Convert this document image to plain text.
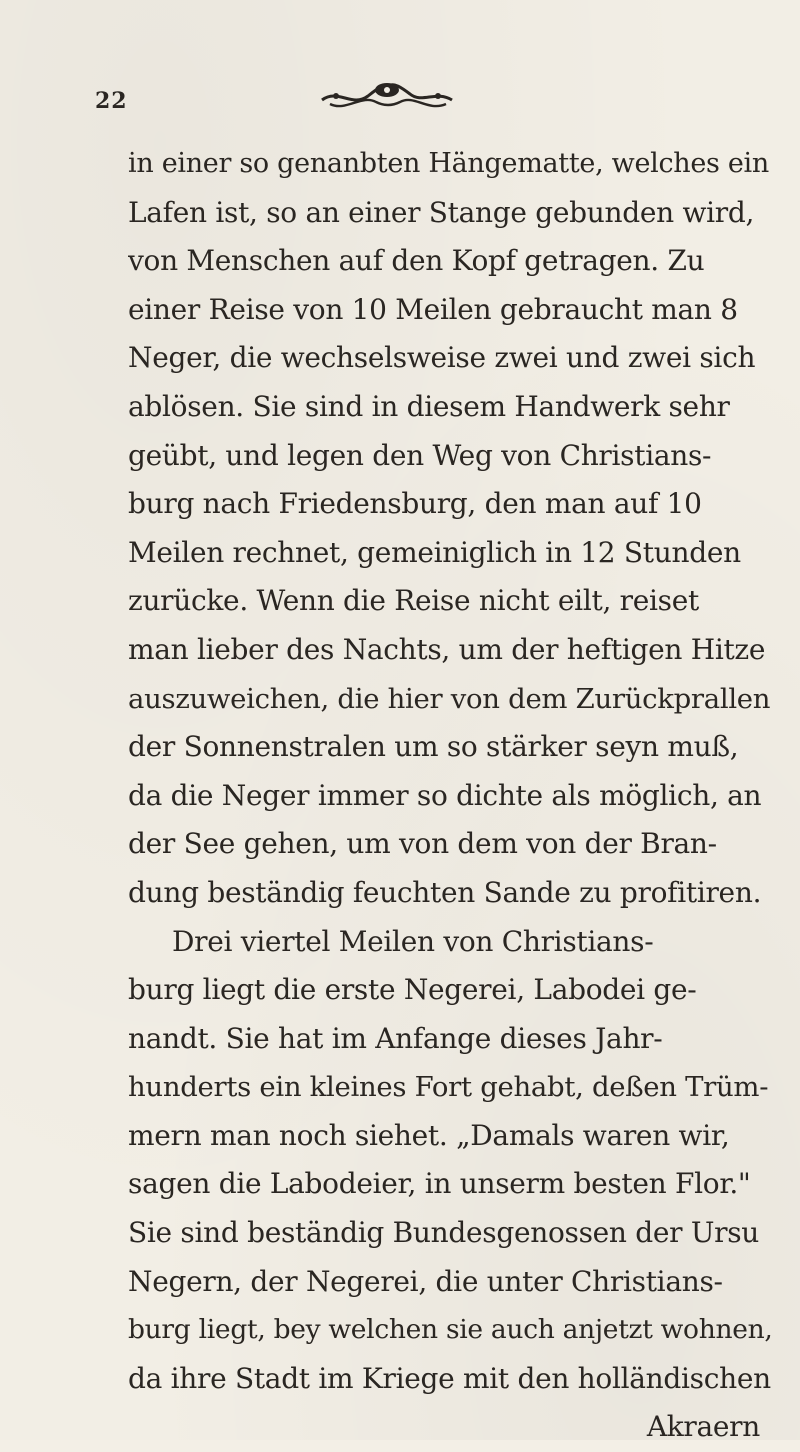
22
in einer so genanbten Hängematte, welches ein
Lafen ist, so an einer Stange gebunden wird,
von Menschen auf den Kopf getragen. Zu
einer Reise von 10 Meilen gebraucht man 8
Neger, die wechselsweise zwei und zwei sich
ablösen. Sie sind in diesem Handwerk sehr
geübt, und legen den Weg von Christians-
burg nach Friedensburg, den man auf 10
Meilen rechnet, gemeiniglich in 12 Stunden
zurücke. Wenn die Reise nicht eilt, reiset
man lieber des Nachts, um der heftigen Hitze
auszuweichen, die hier von dem Zurückprallen
der Sonnenstralen um so stärker seyn muß,
da die Neger immer so dichte als möglich, an
der See gehen, um von dem von der Bran-
dung beständig feuchten Sande zu profitiren.
Drei viertel Meilen von Christians-
burg liegt die erste Negerei, Labodei ge-
nandt. Sie hat im Anfange dieses Jahr-
hunderts ein kleines Fort gehabt, deßen Trüm-
mern man noch siehet. „Damals waren wir,
sagen die Labodeier, in unserm besten Flor."
Sie sind beständig Bundesgenossen der Ursu
Negern, der Negerei, die unter Christians-
burg liegt, bey welchen sie auch anjetzt wohnen,
da ihre Stadt im Kriege mit den holländischen
Akraern
